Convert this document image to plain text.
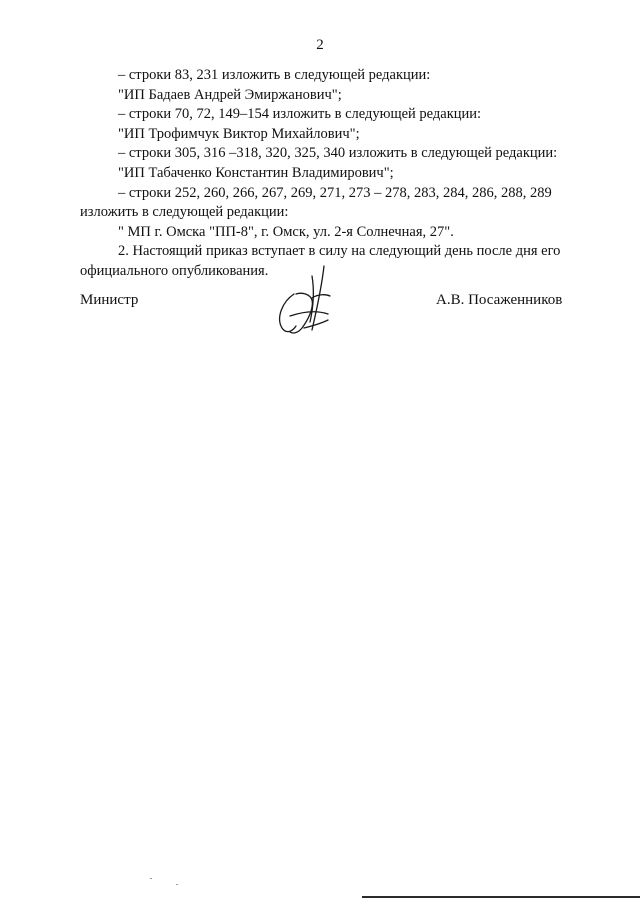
2
– строки 83, 231 изложить в следующей редакции:
"ИП Бадаев Андрей Эмиржанович";
– строки 70, 72, 149–154 изложить в следующей редакции:
"ИП Трофимчук Виктор Михайлович";
– строки 305, 316 –318, 320, 325, 340 изложить в следующей редакции:
"ИП Табаченко Константин Владимирович";
– строки 252, 260, 266, 267, 269, 271, 273 – 278, 283, 284, 286, 288, 289
изложить в следующей редакции:
" МП г. Омска "ПП-8", г. Омск, ул. 2-я Солнечная, 27".
2. Настоящий приказ вступает в силу на следующий день после дня его
официального опубликования.
Министр	А.В. Посаженников
